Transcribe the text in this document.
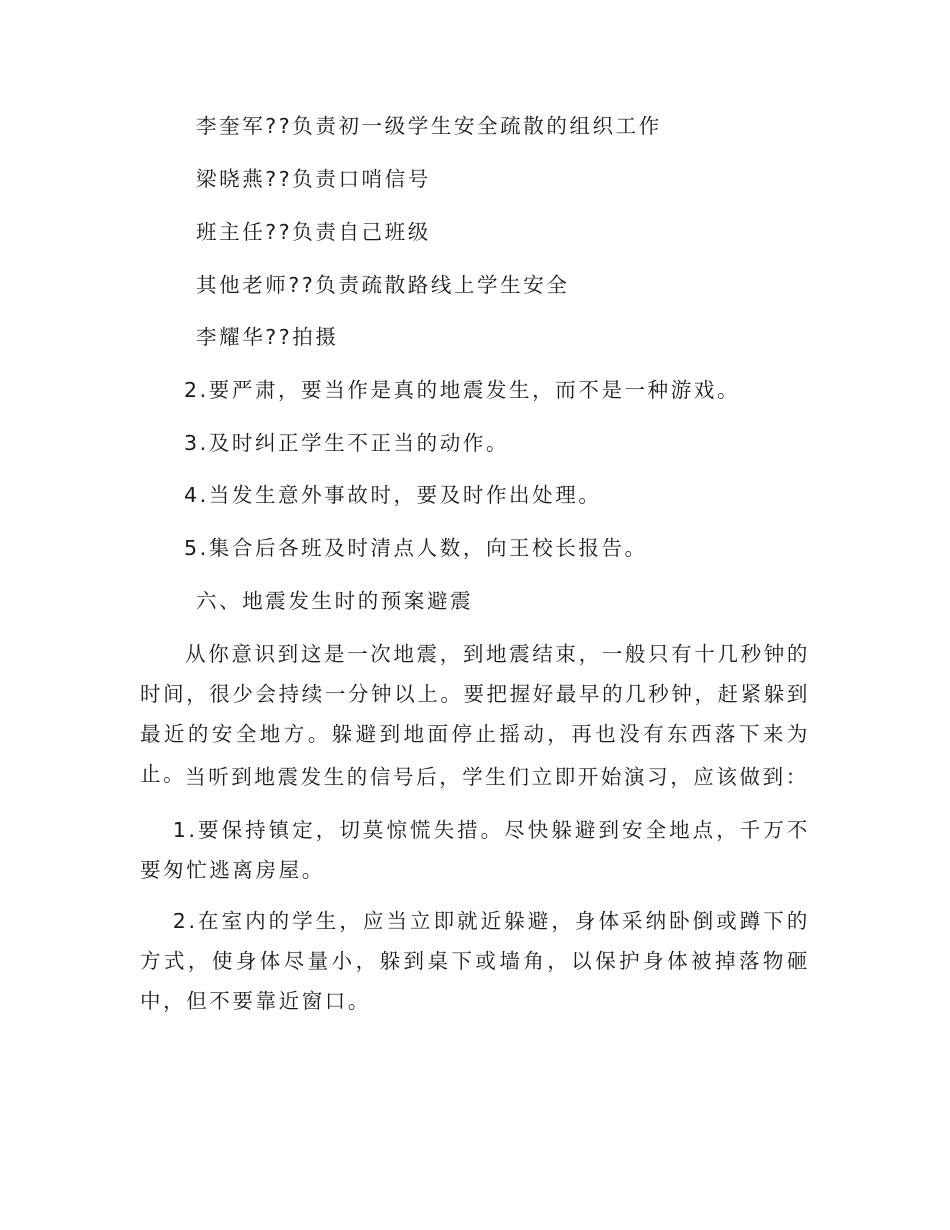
李奎军??负责初一级学生安全疏散的组织工作

梁晓燕??负责口哨信号

班主任??负责自己班级

其他老师??负责疏散路线上学生安全

李耀华??拍摄

2.要严肃，要当作是真的地震发生，而不是一种游戏。

3.及时纠正学生不正当的动作。

4.当发生意外事故时，要及时作出处理。

5.集合后各班及时清点人数，向王校长报告。

六、地震发生时的预案避震

从你意识到这是一次地震，到地震结束，一般只有十几秒钟的时间，很少会持续一分钟以上。要把握好最早的几秒钟，赶紧躲到最近的安全地方。躲避到地面停止摇动，再也没有东西落下来为止。

当听到地震发生的信号后，学生们立即开始演习，应该做到：

1.要保持镇定，切莫惊慌失措。尽快躲避到安全地点，千万不要匆忙逃离房屋。

2.在室内的学生，应当立即就近躲避，身体采纳卧倒或蹲下的方式，使身体尽量小，躲到桌下或墙角，以保护身体被掉落物砸中，但不要靠近窗口。
